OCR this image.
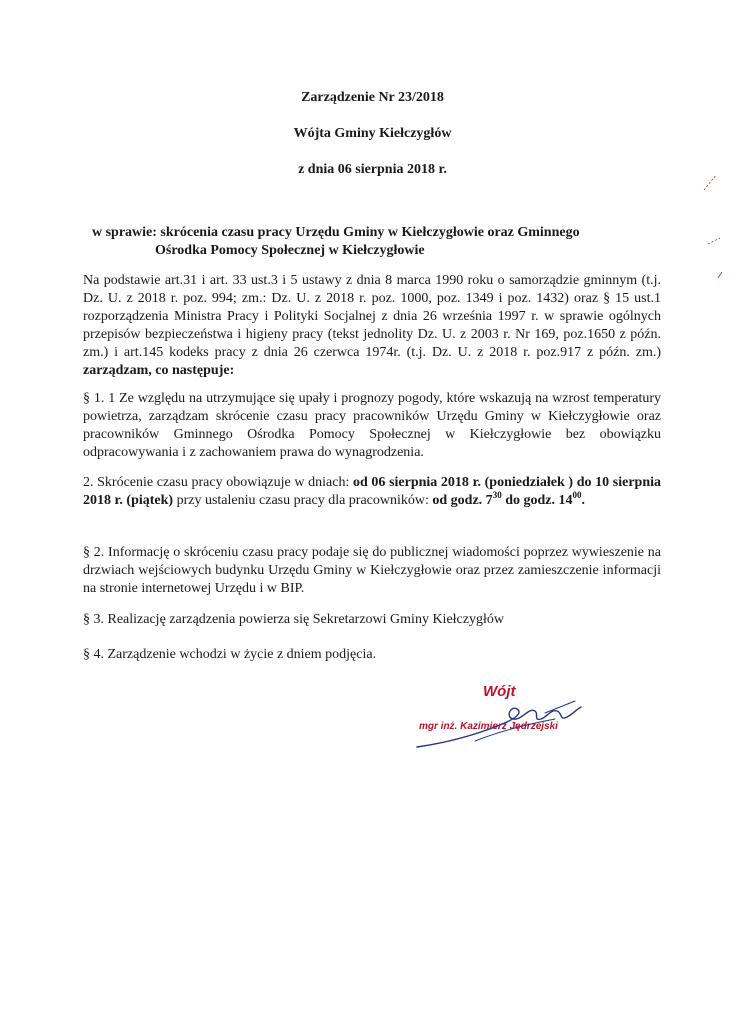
Zarządzenie Nr 23/2018
Wójta Gminy Kiełczygłów
z dnia 06 sierpnia 2018 r.
w sprawie: skrócenia czasu pracy Urzędu Gminy w Kiełczygłowie oraz Gminnego
Ośrodka Pomocy Społecznej w Kiełczygłowie
Na podstawie art.31 i art. 33 ust.3 i 5 ustawy z dnia 8 marca 1990 roku o samorządzie gminnym (t.j. Dz. U. z 2018 r. poz. 994; zm.: Dz. U. z 2018 r. poz. 1000, poz. 1349 i poz. 1432) oraz § 15 ust.1 rozporządzenia Ministra Pracy i Polityki Socjalnej z dnia 26 września 1997 r. w sprawie ogólnych przepisów bezpieczeństwa i higieny pracy (tekst jednolity Dz. U. z 2003 r. Nr 169, poz.1650 z późn. zm.) i art.145 kodeks pracy z dnia 26 czerwca 1974r. (t.j. Dz. U. z 2018 r. poz.917 z późn. zm.) zarządzam, co następuje:
§ 1. 1 Ze względu na utrzymujące się upały i prognozy pogody, które wskazują na wzrost temperatury powietrza, zarządzam skrócenie czasu pracy pracowników Urzędu Gminy w Kiełczygłowie oraz pracowników Gminnego Ośrodka Pomocy Społecznej w Kiełczygłowie bez obowiązku odpracowywania i z zachowaniem prawa do wynagrodzenia.
2. Skrócenie czasu pracy obowiązuje w dniach: od 06 sierpnia 2018 r. (poniedziałek ) do 10 sierpnia 2018 r. (piątek) przy ustaleniu czasu pracy dla pracowników: od godz. $7^{30}$ do godz. $14^{00}$.
§ 2. Informację o skróceniu czasu pracy podaje się do publicznej wiadomości poprzez wywieszenie na drzwiach wejściowych budynku Urzędu Gminy w Kiełczygłowie oraz przez zamieszczenie informacji na stronie internetowej Urzędu i w BIP.
§ 3. Realizację zarządzenia powierza się Sekretarzowi Gminy Kiełczygłów
§ 4. Zarządzenie wchodzi w życie z dniem podjęcia.
Wójt
mgr inż. Kazimierz Jędrzejski
